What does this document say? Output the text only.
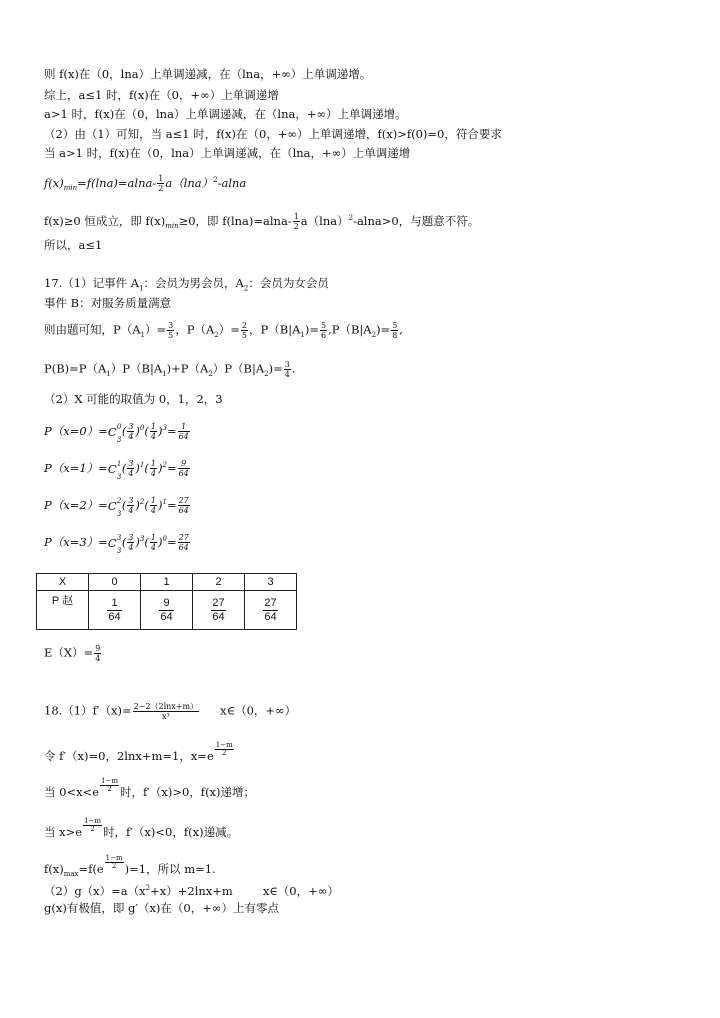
则 f(x)在（0，lna）上单调递减，在（lna，+∞）上单调递增。
综上，a≤1 时，f(x)在（0，+∞）上单调递增
a>1 时，f(x)在（0，lna）上单调递减，在（lna，+∞）上单调递增。
（2）由（1）可知，当 a≤1 时，f(x)在（0，+∞）上单调递增，f(x)>f(0)=0，符合要求
当 a>1 时，f(x)在（0，lna）上单调递减，在（lna，+∞）上单调递增
$f(x)_{min}=f(\ln a)=alna- \frac{1}{2} a(\ln a)^2-alna$
f(x)≥0 恒成立，即 $f(x)_{min}\ge 0$，即 $f(\ln a)=alna- \frac{1}{2} a(\ln a)^2-alna>0$，与题意不符。
所以，a≤1
17.（1）记事件 $A_1$：会员为男会员，$A_2$：会员为女会员
事件 B：对服务质量满意
则由题可知，$P(A_1)= \frac{3}{5}$ ，$P(A_2)= \frac{2}{5}$ ，$P(B|A_1)= \frac{5}{6} ,P(B|A_2)= \frac{5}{8}$ ,
$P(B)=P(A_1)P(B|A_1)+P(A_2)P(B|A_2)= \frac{3}{4}$ .
（2）X 可能的取值为 0，1，2，3
P（x=0）=C 0
3
( $\frac{3}{4} )^0( \frac{1}{4} )^3= \frac{1}{64}$
P（x=1）=C 1
3
( $\frac{3}{4} )^1( \frac{1}{4} )^2= \frac{9}{64}$
P（x=2）=C 2
3
( $\frac{3}{4} )^2( \frac{1}{4} )^1= \frac{27}{64}$
P（x=3）=C 3
3
( $\frac{3}{4} )^3( \frac{1}{4} )^0= \frac{27}{64}$
X	0	1	2	3
P 赵	$\frac{1}{64}$	$\frac{9}{64}$	$\frac{27}{64}$	$\frac{27}{64}$
$E(X)= \frac{9}{4}$
$18.(1)f'(x)= \frac{2-2(2\ln x+m)}{\text{x³}}$ x∈（0，+∞）
令 f′（x)=0，2lnx+m=1，x=e $^{\frac{1-m}{2}}$
当 0<x<e $^{\frac{1-m}{2}}$ 时，f′（x)>0，f(x)递增；
当 x>e $^{\frac{1-m}{2}}$ 时，f′（x)<0，f(x)递减。
$f(x)_{max}=f(e$ $^{\frac{1-m}{2}}$ )=1，所以 m=1.
$(2)g(x)=a(x^2+x)+2\ln x+m$	x∈（0，+∞）
g(x)有极值，即 g′（x)在（0，+∞）上有零点
